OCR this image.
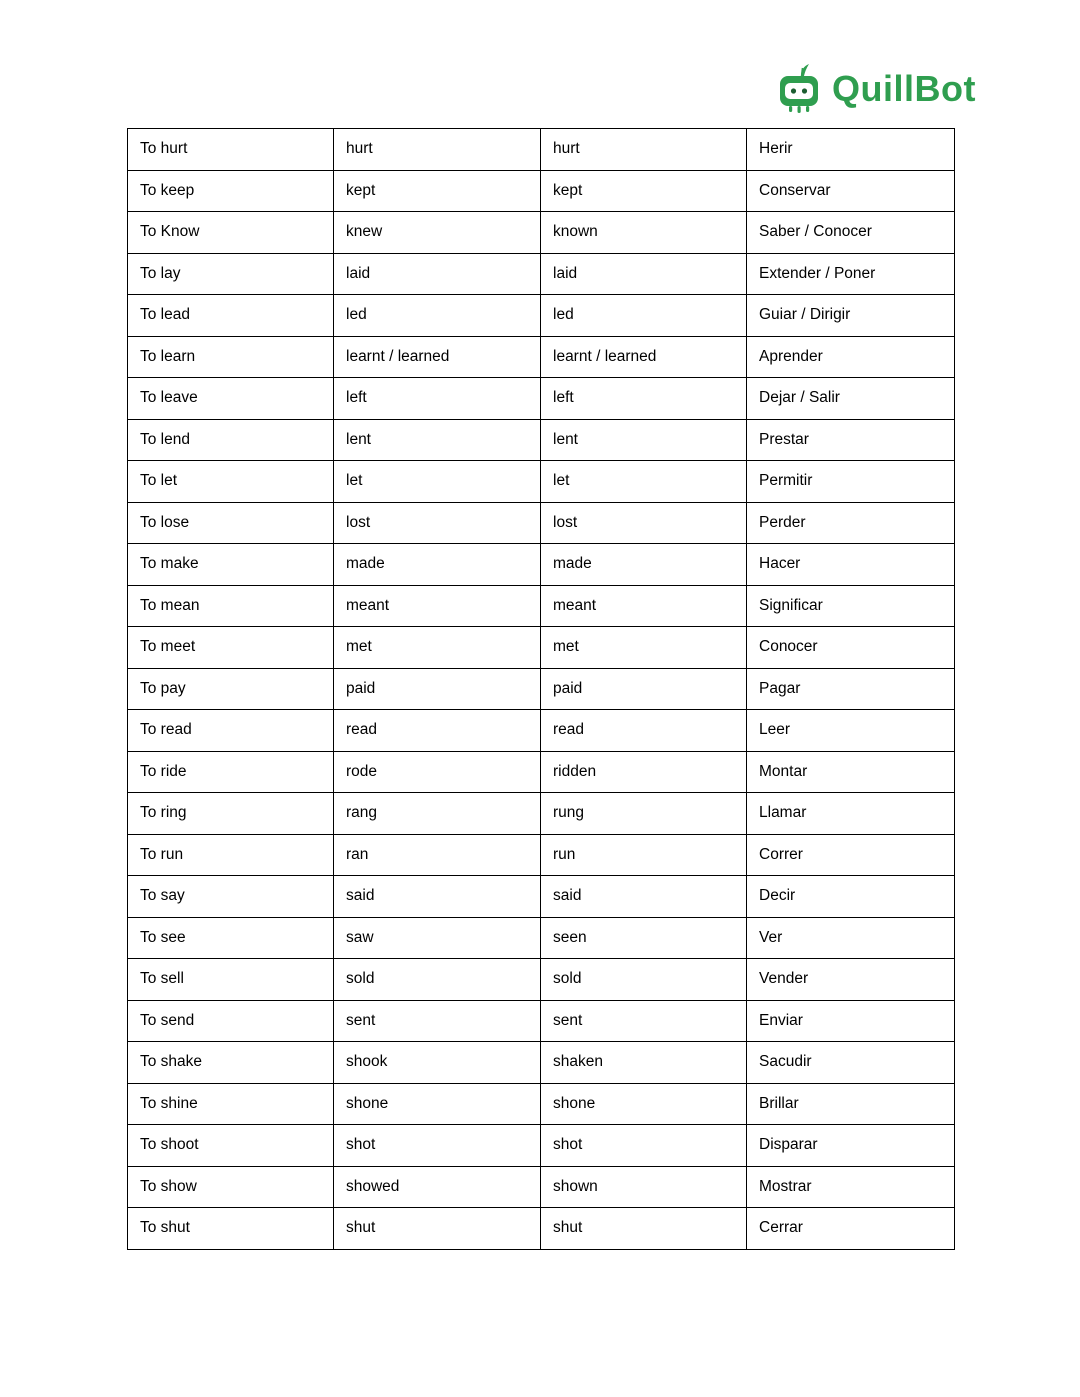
QuillBot
To hurt	hurt	hurt	Herir
To keep	kept	kept	Conservar
To Know	knew	known	Saber / Conocer
To lay	laid	laid	Extender / Poner
To lead	led	led	Guiar / Dirigir
To learn	learnt / learned	learnt / learned	Aprender
To leave	left	left	Dejar / Salir
To lend	lent	lent	Prestar
To let	let	let	Permitir
To lose	lost	lost	Perder
To make	made	made	Hacer
To mean	meant	meant	Significar
To meet	met	met	Conocer
To pay	paid	paid	Pagar
To read	read	read	Leer
To ride	rode	ridden	Montar
To ring	rang	rung	Llamar
To run	ran	run	Correr
To say	said	said	Decir
To see	saw	seen	Ver
To sell	sold	sold	Vender
To send	sent	sent	Enviar
To shake	shook	shaken	Sacudir
To shine	shone	shone	Brillar
To shoot	shot	shot	Disparar
To show	showed	shown	Mostrar
To shut	shut	shut	Cerrar
